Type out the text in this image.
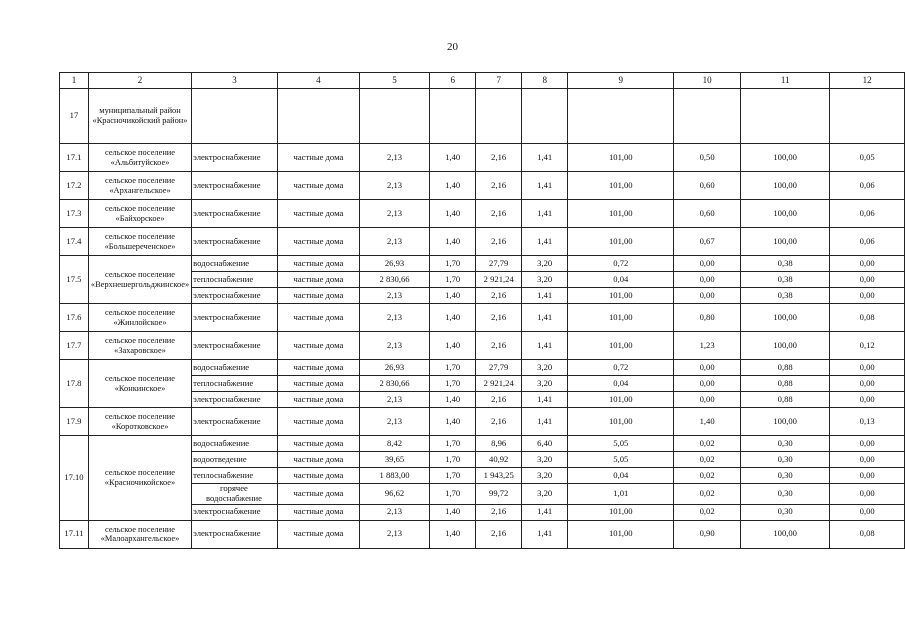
20
1	2	3	4	5	6	7	8	9	10	11	12
17	муниципальный район «Красночикойский район»										
17.1	сельское поселение «Альбитуйское»	электроснабжение	частные дома	2,13	1,40	2,16	1,41	101,00	0,50	100,00	0,05
17.2	сельское поселение «Архангельское»	электроснабжение	частные дома	2,13	1,40	2,16	1,41	101,00	0,60	100,00	0,06
17.3	сельское поселение «Байхорское»	электроснабжение	частные дома	2,13	1,40	2,16	1,41	101,00	0,60	100,00	0,06
17.4	сельское поселение «Большереченское»	электроснабжение	частные дома	2,13	1,40	2,16	1,41	101,00	0,67	100,00	0,06
17.5	сельское поселение «Верхнешергольджинское»	водоснабжение	частные дома	26,93	1,70	27,79	3,20	0,72	0,00	0,38	0,00
		теплоснабжение	частные дома	2 830,66	1,70	2 921,24	3,20	0,04	0,00	0,38	0,00
		электроснабжение	частные дома	2,13	1,40	2,16	1,41	101,00	0,00	0,38	0,00
17.6	сельское поселение «Жинлойское»	электроснабжение	частные дома	2,13	1,40	2,16	1,41	101,00	0,80	100,00	0,08
17.7	сельское поселение «Захаровское»	электроснабжение	частные дома	2,13	1,40	2,16	1,41	101,00	1,23	100,00	0,12
17.8	сельское поселение «Конкинское»	водоснабжение	частные дома	26,93	1,70	27,79	3,20	0,72	0,00	0,88	0,00
		теплоснабжение	частные дома	2 830,66	1,70	2 921,24	3,20	0,04	0,00	0,88	0,00
		электроснабжение	частные дома	2,13	1,40	2,16	1,41	101,00	0,00	0,88	0,00
17.9	сельское поселение «Коротковское»	электроснабжение	частные дома	2,13	1,40	2,16	1,41	101,00	1,40	100,00	0,13
17.10	сельское поселение «Красночикойское»	водоснабжение	частные дома	8,42	1,70	8,96	6,40	5,05	0,02	0,30	0,00
		водоотведение	частные дома	39,65	1,70	40,92	3,20	5,05	0,02	0,30	0,00
		теплоснабжение	частные дома	1 883,00	1,70	1 943,25	3,20	0,04	0,02	0,30	0,00
		горячее водоснабжение	частные дома	96,62	1,70	99,72	3,20	1,01	0,02	0,30	0,00
		электроснабжение	частные дома	2,13	1,40	2,16	1,41	101,00	0,02	0,30	0,00
17.11	сельское поселение «Малоархангельское»	электроснабжение	частные дома	2,13	1,40	2,16	1,41	101,00	0,90	100,00	0,08
